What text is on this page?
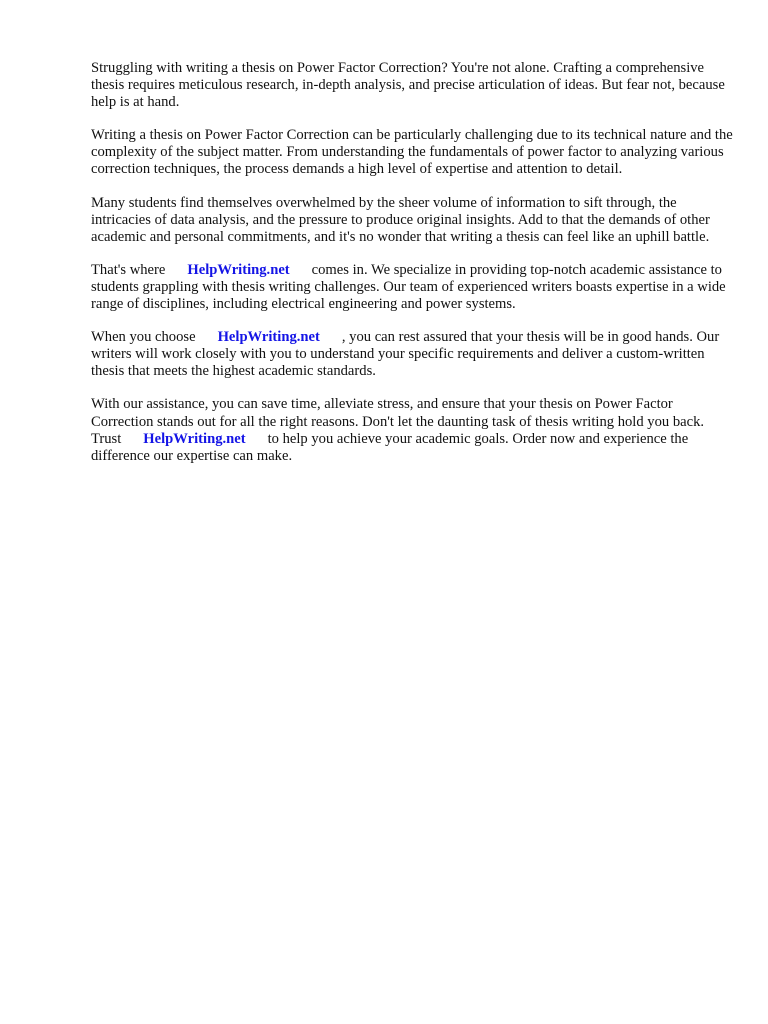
Struggling with writing a thesis on Power Factor Correction? You're not alone. Crafting a comprehensive thesis requires meticulous research, in-depth analysis, and precise articulation of ideas. But fear not, because help is at hand.

Writing a thesis on Power Factor Correction can be particularly challenging due to its technical nature and the complexity of the subject matter. From understanding the fundamentals of power factor to analyzing various correction techniques, the process demands a high level of expertise and attention to detail.

Many students find themselves overwhelmed by the sheer volume of information to sift through, the intricacies of data analysis, and the pressure to produce original insights. Add to that the demands of other academic and personal commitments, and it's no wonder that writing a thesis can feel like an uphill battle.

That's where HelpWriting.net comes in. We specialize in providing top-notch academic assistance to students grappling with thesis writing challenges. Our team of experienced writers boasts expertise in a wide range of disciplines, including electrical engineering and power systems.

When you choose HelpWriting.net , you can rest assured that your thesis will be in good hands. Our writers will work closely with you to understand your specific requirements and deliver a custom-written thesis that meets the highest academic standards.

With our assistance, you can save time, alleviate stress, and ensure that your thesis on Power Factor Correction stands out for all the right reasons. Don't let the daunting task of thesis writing hold you back. Trust HelpWriting.net to help you achieve your academic goals. Order now and experience the difference our expertise can make.
